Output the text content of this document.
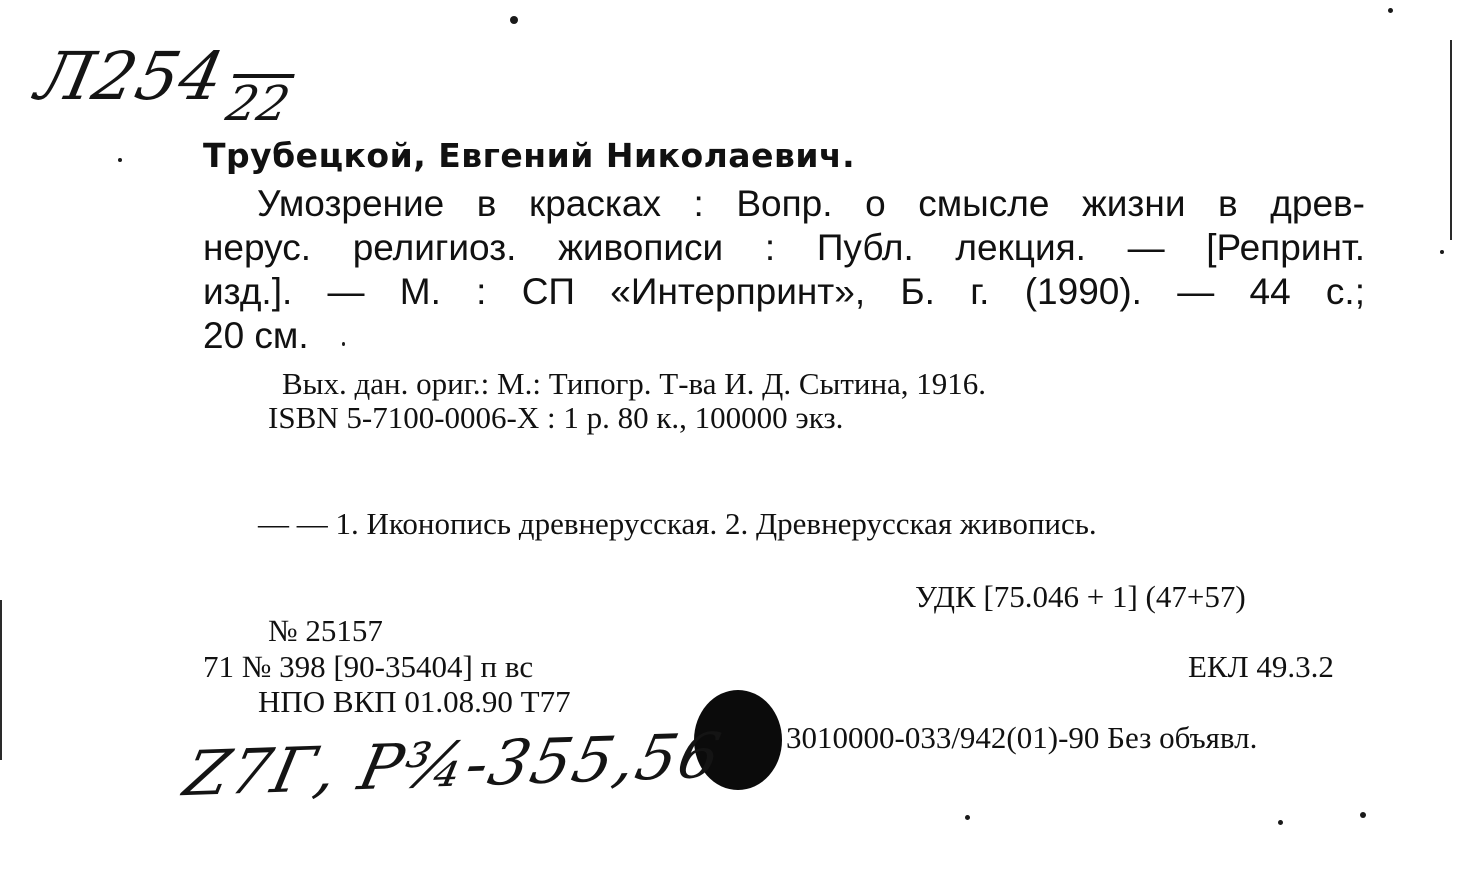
Л254
22
Трубецкой, Евгений Николаевич.
Умозрение в красках : Вопр. о смысле жизни в древ-
нерус. религиоз. живописи : Публ. лекция. — [Репринт.
изд.]. — М. : СП «Интерпринт», Б. г. (1990). — 44 с.;
20 см.
Вых. дан. ориг.: М.: Типогр. Т-ва И. Д. Сытина, 1916.
ISBN 5-7100-0006-X : 1 р. 80 к., 100000 экз.
— — 1. Иконопись древнерусская. 2. Древнерусская живопись.
УДК [75.046 + 1] (47+57)
№ 25157
71 № 398 [90-35404] п вс	ЕКЛ 49.3.2
НПО ВКП 01.08.90 Т77
3010000-033/942(01)-90 Без объявл.
Z7Г, Р¾-355,56
